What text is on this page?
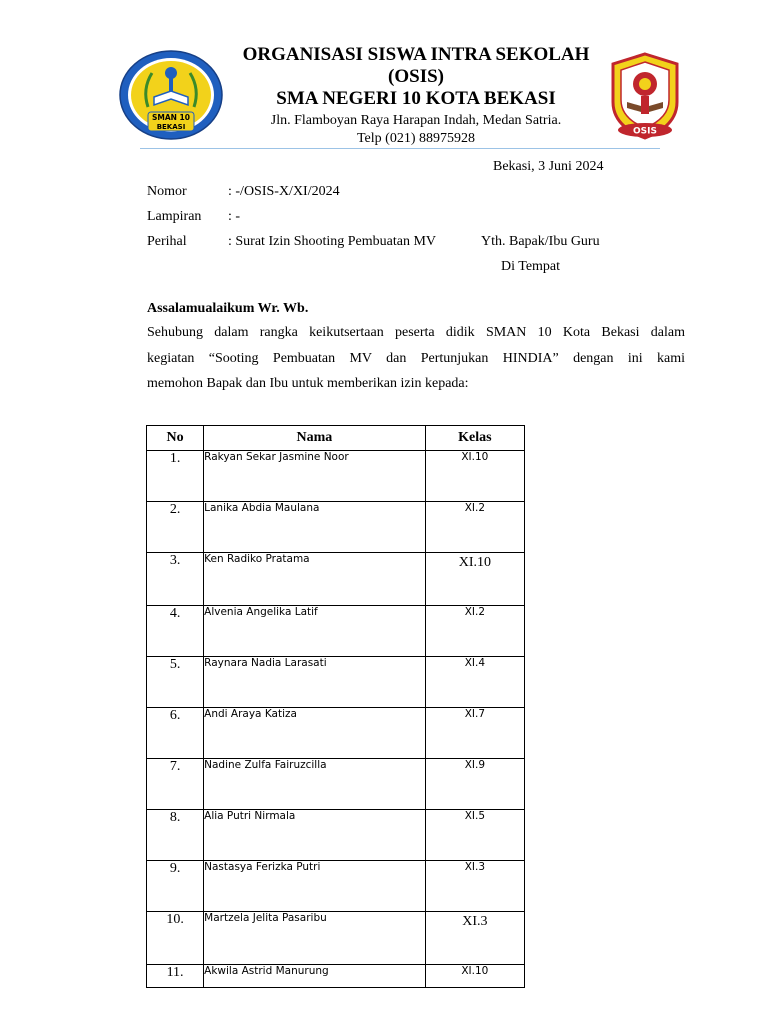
SMAN 10
BEKASI
ORGANISASI SISWA INTRA SEKOLAH
(OSIS)
SMA NEGERI 10 KOTA BEKASI
Jln. Flamboyan Raya Harapan Indah, Medan Satria.
Telp (021) 88975928	OSIS
Bekasi, 3 Juni 2024
Nomor	: -/OSIS-X/XI/2024
Lampiran : -
Perihal	: Surat Izin Shooting Pembuatan MV	Yth. Bapak/Ibu Guru
Di Tempat
Assalamualaikum Wr. Wb.
Sehubung dalam rangka keikutsertaan peserta didik SMAN 10 Kota Bekasi dalam
kegiatan “Sooting Pembuatan MV dan Pertunjukan HINDIA” dengan ini kami
memohon Bapak dan Ibu untuk memberikan izin kepada:
No	Nama	Kelas
1.	Rakyan Sekar Jasmine Noor	XI.10
2.	Lanika Abdia Maulana	XI.2
3.	Ken Radiko Pratama	XI.10
4.	Alvenia Angelika Latif	XI.2
5.	Raynara Nadia Larasati	XI.4
6.	Andi Araya Katiza	XI.7
7.	Nadine Zulfa Fairuzcilla	XI.9
8.	Alia Putri Nirmala	XI.5
9.	Nastasya Ferizka Putri	XI.3
10.	Martzela Jelita Pasaribu	XI.3
11.	Akwila Astrid Manurung	XI.10
